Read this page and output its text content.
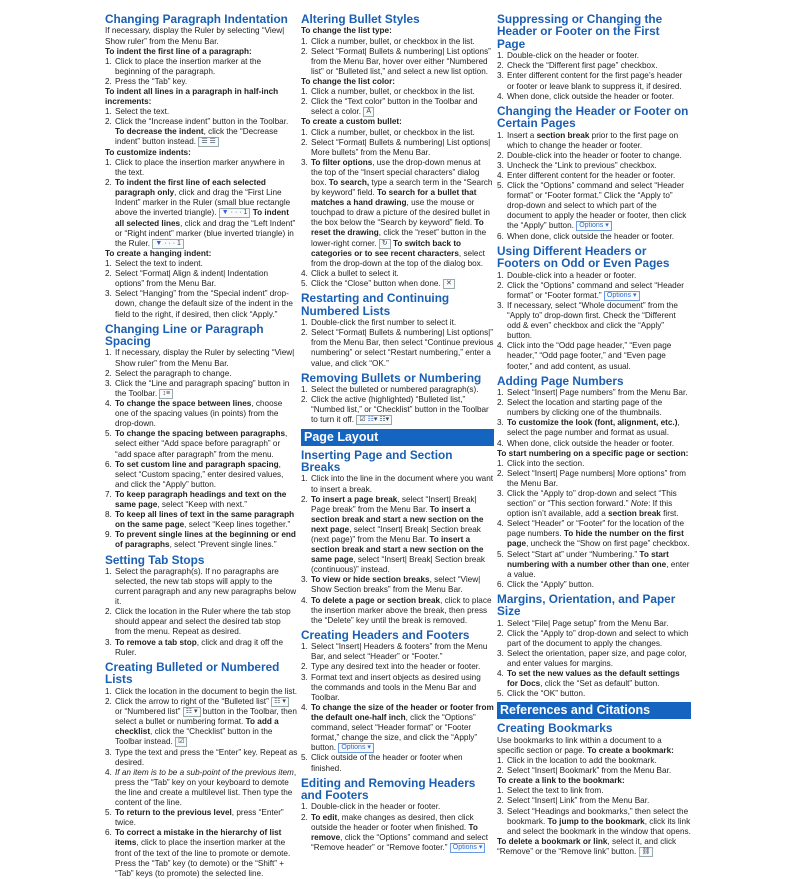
Changing Paragraph Indentation
If necessary, display the Ruler by selecting “View| Show ruler” from the Menu Bar.
To indent the first line of a paragraph:
1. Click to place the insertion marker at the beginning of the paragraph.
2. Press the “Tab” key.
To indent all lines in a paragraph in half-inch increments:
1. Select the text.
2. Click the “Increase indent” button in the Toolbar. To decrease the indent, click the “Decrease indent” button instead. ☰ ☰
To customize indents:
1. Click to place the insertion marker anywhere in the text.
2. To indent the first line of each selected paragraph only, click and drag the “First Line Indent” marker in the Ruler (small blue rectangle above the inverted triangle). ▼ · · · 1 To indent all selected lines, click and drag the “Left Indent” or “Right indent” marker (blue inverted triangle) in the Ruler. ▼ · · · 1
To create a hanging indent:
1. Select the text to indent.
2. Select “Format| Align & indent| Indentation options” from the Menu Bar.
3. Select “Hanging” from the “Special indent” drop-down, change the default size of the indent in the field to the right, if desired, then click “Apply.”
Changing Line or Paragraph Spacing
1. If necessary, display the Ruler by selecting “View| Show ruler” from the Menu Bar.
2. Select the paragraph to change.
3. Click the “Line and paragraph spacing” button in the Toolbar. ↕≡
4. To change the space between lines, choose one of the spacing values (in points) from the drop-down.
5. To change the spacing between paragraphs, select either “Add space before paragraph” or “add space after paragraph” from the menu.
6. To set custom line and paragraph spacing, select “Custom spacing,” enter desired values, and click the “Apply” button.
7. To keep paragraph headings and text on the same page, select “Keep with next.”
8. To keep all lines of text in the same paragraph on the same page, select “Keep lines together.”
9. To prevent single lines at the beginning or end of paragraphs, select “Prevent single lines.”
Setting Tab Stops
1. Select the paragraph(s). If no paragraphs are selected, the new tab stops will apply to the current paragraph and any new paragraphs below it.
2. Click the location in the Ruler where the tab stop should appear and select the desired tab stop from the menu. Repeat as desired.
3. To remove a tab stop, click and drag it off the Ruler.
Creating Bulleted or Numbered Lists
1. Click the location in the document to begin the list.
2. Click the arrow to right of the “Bulleted list” ☷ ▾ or “Numbered list” ☷ ▾ button in the Toolbar, then select a bullet or numbering format. To add a checklist, click the “Checklist” button in the Toolbar instead. ☑
3. Type the text and press the “Enter” key. Repeat as desired.
4. If an item is to be a sub-point of the previous item, press the “Tab” key on your keyboard to demote the line and create a multilevel list. Then type the content of the line.
5. To return to the previous level, press “Enter” twice.
6. To correct a mistake in the hierarchy of list items, click to place the insertion marker at the front of the text of the line to promote or demote. Press the “Tab” key (to demote) or the “Shift” + “Tab” keys (to promote) the selected line.
Altering Bullet Styles
To change the list type:
1. Click a number, bullet, or checkbox in the list.
2. Select “Format| Bullets & numbering| List options” from the Menu Bar, hover over either “Numbered list” or “Bulleted list,” and select a new list option.
To change the list color:
1. Click a number, bullet, or checkbox in the list.
2. Click the “Text color” button in the Toolbar and select a color. A
To create a custom bullet:
1. Click a number, bullet, or checkbox in the list.
2. Select “Format| Bullets & numbering| List options| More bullets” from the Menu Bar.
3. To filter options, use the drop-down menus at the top of the “Insert special characters” dialog box. To search, type a search term in the “Search by keyword” field. To search for a bullet that matches a hand drawing, use the mouse or touchpad to draw a picture of the desired bullet in the box below the “Search by keyword” field. To reset the drawing, click the “reset” button in the lower-right corner. ↻ To switch back to categories or to see recent characters, select from the drop-down at the top of the dialog box.
4. Click a bullet to select it.
5. Click the “Close” button when done. ✕
Restarting and Continuing Numbered Lists
1. Double-click the first number to select it.
2. Select “Format| Bullets & numbering| List options|” from the Menu Bar, then select “Continue previous numbering” or select “Restart numbering,” enter a value, and click “OK.”
Removing Bullets or Numbering
1. Select the bulleted or numbered paragraph(s).
2. Click the active (highlighted) “Bulleted list,” “Numbed list,” or “Checklist” button in the Toolbar to turn it off. ☑ ☷▾ ☷▾
Page Layout
Inserting Page and Section Breaks
1. Click into the line in the document where you want to insert a break.
2. To insert a page break, select “Insert| Break| Page break” from the Menu Bar. To insert a section break and start a new section on the next page, select “Insert| Break| Section break (next page)” from the Menu Bar. To insert a section break and start a new section on the same page, select “Insert| Break| Section break (continuous)” instead.
3. To view or hide section breaks, select “View| Show Section breaks” from the Menu Bar.
4. To delete a page or section break, click to place the insertion marker above the break, then press the “Delete” key until the break is removed.
Creating Headers and Footers
1. Select “Insert| Headers & footers” from the Menu Bar, and select “Header” or “Footer.”
2. Type any desired text into the header or footer.
3. Format text and insert objects as desired using the commands and tools in the Menu Bar and Toolbar.
4. To change the size of the header or footer from the default one-half inch, click the “Options” command, select “Header format” or “Footer format,” change the size, and click the “Apply” button. Options ▾
5. Click outside of the header or footer when finished.
Editing and Removing Headers and Footers
1. Double-click in the header or footer.
2. To edit, make changes as desired, then click outside the header or footer when finished. To remove, click the “Options” command and select “Remove header” or “Remove footer.” Options ▾
Suppressing or Changing the Header or Footer on the First Page
1. Double-click on the header or footer.
2. Check the “Different first page” checkbox.
3. Enter different content for the first page’s header or footer or leave blank to suppress it, if desired.
4. When done, click outside the header or footer.
Changing the Header or Footer on Certain Pages
1. Insert a section break prior to the first page on which to change the header or footer.
2. Double-click into the header or footer to change.
3. Uncheck the “Link to previous” checkbox.
4. Enter different content for the header or footer.
5. Click the “Options” command and select “Header format” or “Footer format.” Click the “Apply to” drop-down and select to which part of the document to apply the header or footer, then click the “Apply” button. Options ▾
6. When done, click outside the header or footer.
Using Different Headers or Footers on Odd or Even Pages
1. Double-click into a header or footer.
2. Click the “Options” command and select “Header format” or “Footer format.” Options ▾
3. If necessary, select “Whole document” from the “Apply to” drop-down first. Check the “Different odd & even” checkbox and click the “Apply” button.
4. Click into the “Odd page header,” “Even page header,” “Odd page footer,” and “Even page footer,” and add content, as usual.
Adding Page Numbers
1. Select “Insert| Page numbers” from the Menu Bar.
2. Select the location and starting page of the numbers by clicking one of the thumbnails.
3. To customize the look (font, alignment, etc.), select the page number and format as usual.
4. When done, click outside the header or footer.
To start numbering on a specific page or section:
1. Click into the section.
2. Select “Insert| Page numbers| More options” from the Menu Bar.
3. Click the “Apply to” drop-down and select “This section” or “This section forward.” Note: If this option isn’t available, add a section break first.
4. Select “Header” or “Footer” for the location of the page numbers. To hide the number on the first page, uncheck the “Show on first page” checkbox.
5. Select “Start at” under “Numbering.” To start numbering with a number other than one, enter a value.
6. Click the “Apply” button.
Margins, Orientation, and Paper Size
1. Select “File| Page setup” from the Menu Bar.
2. Click the “Apply to” drop-down and select to which part of the document to apply the changes.
3. Select the orientation, paper size, and page color, and enter values for margins.
4. To set the new values as the default settings for Docs, click the “Set as default” button.
5. Click the “OK” button.
References and Citations
Creating Bookmarks
Use bookmarks to link within a document to a specific section or page. To create a bookmark:
1. Click in the location to add the bookmark.
2. Select “Insert| Bookmark” from the Menu Bar.
To create a link to the bookmark:
1. Select the text to link from.
2. Select “Insert| Link” from the Menu Bar.
3. Select “Headings and bookmarks,” then select the bookmark. To jump to the bookmark, click its link and select the bookmark in the window that opens.
To delete a bookmark or link, select it, and click “Remove” or the “Remove link” button. ⛓
